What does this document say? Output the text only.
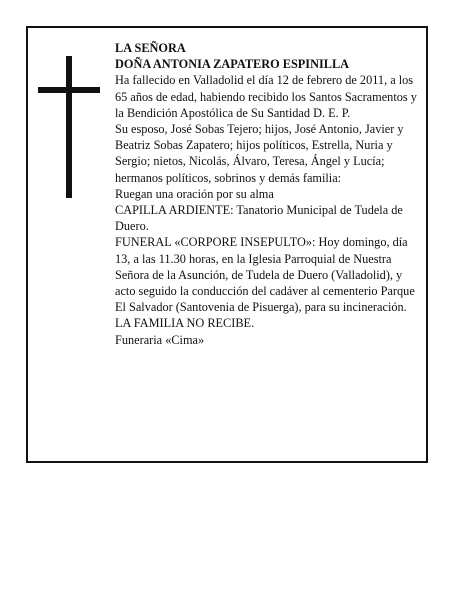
LA SEÑORA

DOÑA ANTONIA ZAPATERO ESPINILLA

Ha fallecido en Valladolid el día 12 de febrero de 2011, a los 65 años de edad, habiendo recibido los Santos Sacramentos y la Bendición Apostólica de Su Santidad D. E. P.

Su esposo, José Sobas Tejero; hijos, José Antonio, Javier y Beatriz Sobas Zapatero; hijos políticos, Estrella, Nuria y Sergio; nietos, Nicolás, Álvaro, Teresa, Ángel y Lucía; hermanos políticos, sobrinos y demás familia:

Ruegan una oración por su alma

CAPILLA ARDIENTE: Tanatorio Municipal de Tudela de Duero.

FUNERAL «CORPORE INSEPULTO»: Hoy domingo, día 13, a las 11.30 horas, en la Iglesia Parroquial de Nuestra Señora de la Asunción, de Tudela de Duero (Valladolid), y acto seguido la conducción del cadáver al cementerio Parque El Salvador (Santovenia de Pisuerga), para su incineración.

LA FAMILIA NO RECIBE.

Funeraria «Cima»
